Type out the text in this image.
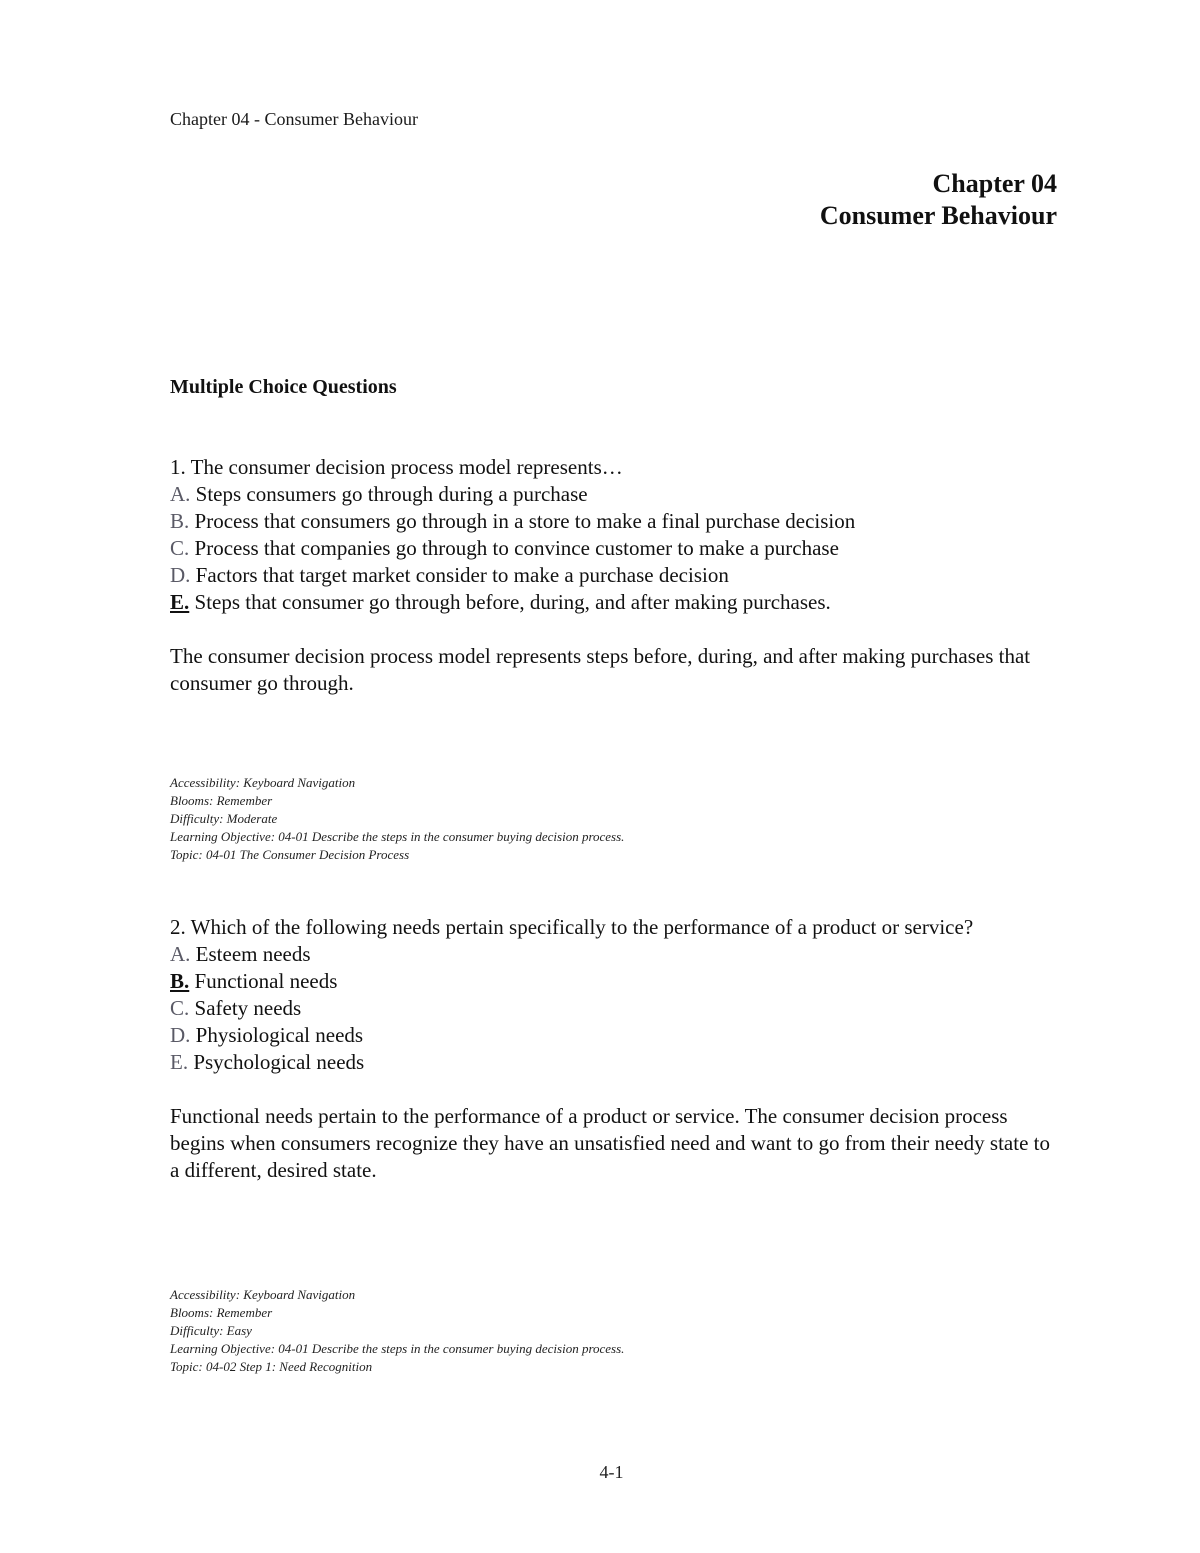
Chapter 04 - Consumer Behaviour
Chapter 04
Consumer Behaviour
Multiple Choice Questions
1. The consumer decision process model represents…
A. Steps consumers go through during a purchase
B. Process that consumers go through in a store to make a final purchase decision
C. Process that companies go through to convince customer to make a purchase
D. Factors that target market consider to make a purchase decision
E. Steps that consumer go through before, during, and after making purchases.
The consumer decision process model represents steps before, during, and after making purchases that consumer go through.
Accessibility: Keyboard Navigation
Blooms: Remember
Difficulty: Moderate
Learning Objective: 04-01 Describe the steps in the consumer buying decision process.
Topic: 04-01 The Consumer Decision Process
2. Which of the following needs pertain specifically to the performance of a product or service?
A. Esteem needs
B. Functional needs
C. Safety needs
D. Physiological needs
E. Psychological needs
Functional needs pertain to the performance of a product or service. The consumer decision process begins when consumers recognize they have an unsatisfied need and want to go from their needy state to a different, desired state.
Accessibility: Keyboard Navigation
Blooms: Remember
Difficulty: Easy
Learning Objective: 04-01 Describe the steps in the consumer buying decision process.
Topic: 04-02 Step 1: Need Recognition
4-1
